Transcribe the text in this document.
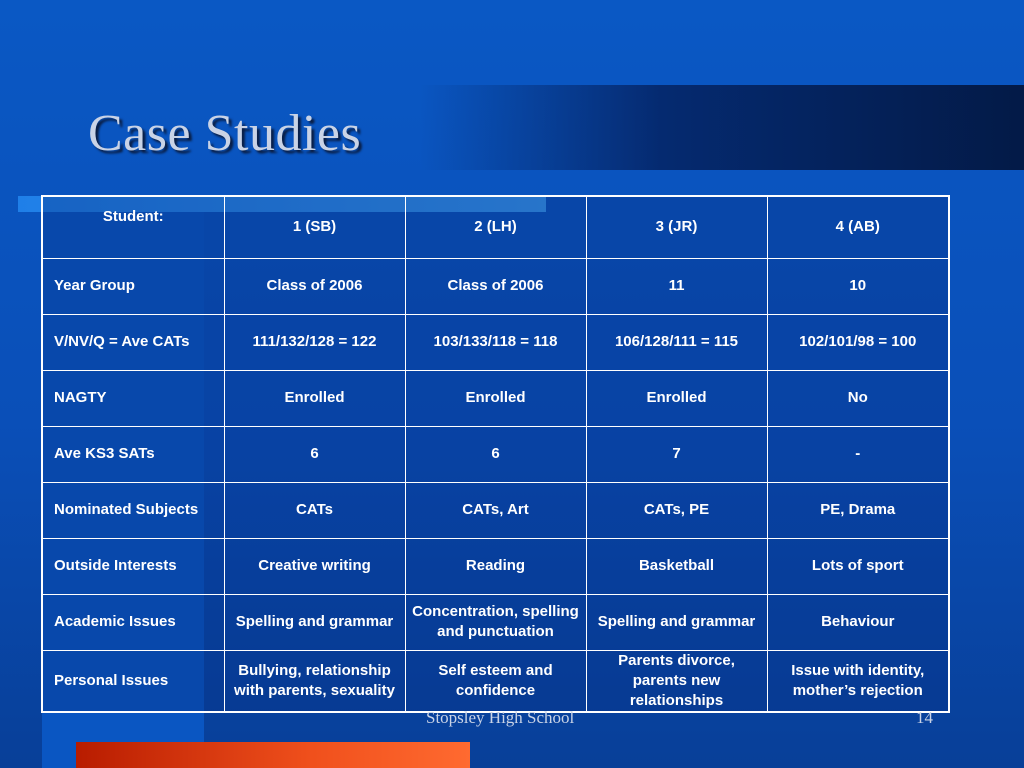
Case Studies
Student:	1 (SB)	2 (LH)	3 (JR)	4 (AB)
Year Group	Class of 2006	Class of 2006	11	10
V/NV/Q = Ave CATs	111/132/128 = 122	103/133/118 = 118	106/128/111 = 115	102/101/98 = 100
NAGTY	Enrolled	Enrolled	Enrolled	No
Ave KS3 SATs	6	6	7	-
Nominated Subjects	CATs	CATs, Art	CATs, PE	PE, Drama
Outside Interests	Creative writing	Reading	Basketball	Lots of sport
Academic Issues	Spelling and grammar	Concentration, spelling and punctuation	Spelling and grammar	Behaviour
Personal Issues	Bullying, relationship with parents, sexuality	Self esteem and confidence	Parents divorce, parents new relationships	Issue with identity, mother’s rejection

Stopsley High School	14
